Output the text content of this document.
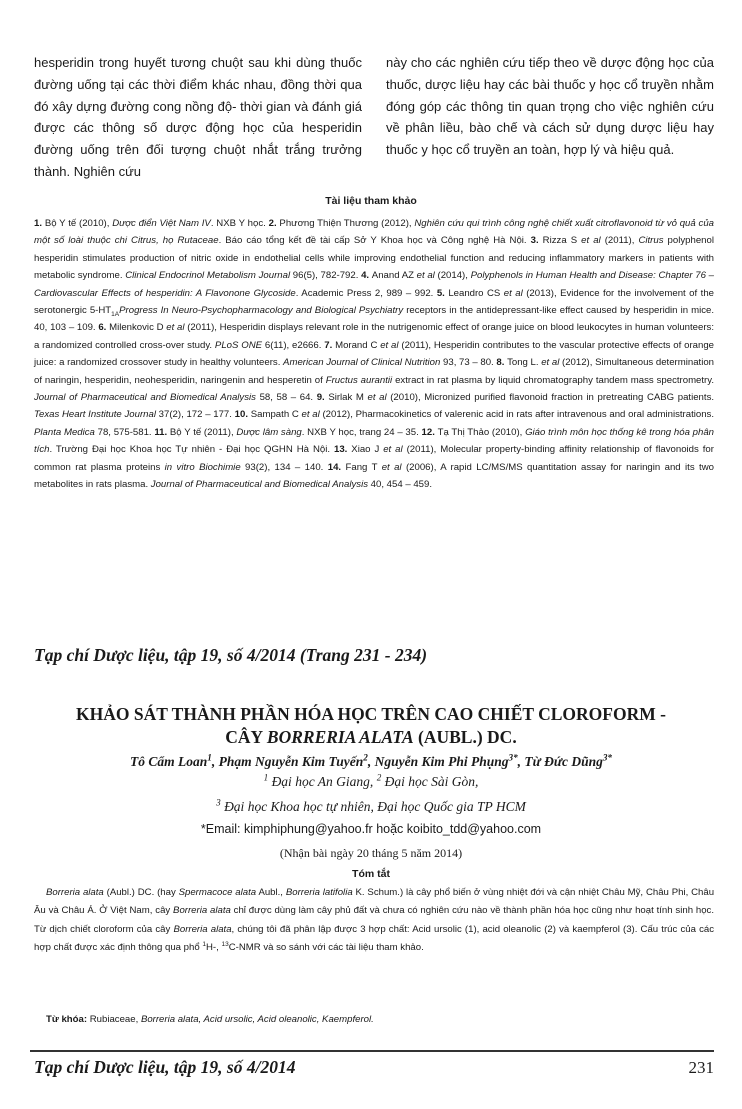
hesperidin trong huyết tương chuột sau khi dùng thuốc đường uống tại các thời điểm khác nhau, đồng thời qua đó xây dựng đường cong nồng độ- thời gian và đánh giá được các thông số dược động học của hesperidin đường uống trên đối tượng chuột nhắt trắng trưởng thành. Nghiên cứu

này cho các nghiên cứu tiếp theo về dược động học của thuốc, dược liệu hay các bài thuốc y học cổ truyền nhằm đóng góp các thông tin quan trọng cho việc nghiên cứu về phân liều, bào chế và cách sử dụng dược liệu hay thuốc y học cổ truyền an toàn, hợp lý và hiệu quả.

Tài liệu tham khảo
1. Bộ Y tế (2010), Dược điển Việt Nam IV. NXB Y học. 2. Phương Thiện Thương (2012), Nghiên cứu qui trình công nghệ chiết xuất citroflavonoid từ vỏ quả của một số loài thuộc chi Citrus, họ Rutaceae. Báo cáo tổng kết đề tài cấp Sở Y Khoa học và Công nghệ Hà Nội. 3. Rizza S et al (2011), Citrus polyphenol hesperidin stimulates production of nitric oxide in endothelial cells while improving endothelial function and reducing inflammatory markers in patients with metabolic syndrome. Clinical Endocrinol Metabolism Journal 96(5), 782-792. 4. Anand AZ et al (2014), Polyphenols in Human Health and Disease: Chapter 76 – Cardiovascular Effects of hesperidin: A Flavonone Glycoside. Academic Press 2, 989 – 992. 5. Leandro CS et al (2013), Evidence for the involvement of the serotonergic $5-HT_{1A}Progress$ In Neuro-Psychopharmacology and Biological Psychiatry receptors in the antidepressant-like effect caused by hesperidin in mice. 40, 103 – 109. 6. Milenkovic D et al (2011), Hesperidin displays relevant role in the nutrigenomic effect of orange juice on blood leukocytes in human volunteers: a randomized controlled cross-over study. PLoS ONE 6(11), e2666. 7. Morand C et al (2011), Hesperidin contributes to the vascular protective effects of orange juice: a randomized crossover study in healthy volunteers. American Journal of Clinical Nutrition 93, 73 – 80. 8. Tong L. et al (2012), Simultaneous determination of naringin, hesperidin, neohesperidin, naringenin and hesperetin of Fructus aurantii extract in rat plasma by liquid chromatography tandem mass spectrometry. Journal of Pharmaceutical and Biomedical Analysis 58, 58 – 64. 9. Sirlak M et al (2010), Micronized purified flavonoid fraction in pretreating CABG patients. Texas Heart Institute Journal 37(2), 172 – 177. 10. Sampath C et al (2012), Pharmacokinetics of valerenic acid in rats after intravenous and oral administrations. Planta Medica 78, 575-581. 11. Bộ Y tế (2011), Dược lâm sàng. NXB Y học, trang 24 – 35. 12. Tạ Thị Thảo (2010), Giáo trình môn học thống kê trong hóa phân tích. Trường Đại học Khoa học Tự nhiên - Đại học QGHN Hà Nội. 13. Xiao J et al (2011), Molecular property-binding affinity relationship of flavonoids for common rat plasma proteins in vitro Biochimie 93(2), 134 – 140. 14. Fang T et al (2006), A rapid LC/MS/MS quantitation assay for naringin and its two metabolites in rats plasma. Journal of Pharmaceutical and Biomedical Analysis 40, 454 – 459.
Tạp chí Dược liệu, tập 19, số 4/2014 (Trang 231 - 234)
KHẢO SÁT THÀNH PHẦN HÓA HỌC TRÊN CAO CHIẾT CLOROFORM -
CÂY BORRERIA ALATA (AUBL.) DC.
Tô Cẩm Loan$^1$, Phạm Nguyễn Kim Tuyến$^2$, Nguyễn Kim Phi Phụng$^{3*}$, Từ Đức Dũng$^{3*}$
$^1$ Đại học An Giang, $^2$ Đại học Sài Gòn,
$^3$ Đại học Khoa học tự nhiên, Đại học Quốc gia TP HCM
*Email: kimphiphung@yahoo.fr hoặc koibito_tdd@yahoo.com
(Nhận bài ngày 20 tháng 5 năm 2014)
Tóm tắt
Borreria alata (Aubl.) DC. (hay Spermacoce alata Aubl., Borreria latifolia K. Schum.) là cây phổ biến ở vùng nhiệt đới và cận nhiệt Châu Mỹ, Châu Phi, Châu Âu và Châu Á. Ở Việt Nam, cây Borreria alata chỉ được dùng làm cây phủ đất và chưa có nghiên cứu nào về thành phần hóa học cũng như hoạt tính sinh học. Từ dịch chiết cloroform của cây Borreria alata, chúng tôi đã phân lập được 3 hợp chất: Acid ursolic (1), acid oleanolic (2) và kaempferol (3). Cấu trúc của các hợp chất được xác định thông qua phổ $^1$H-, $^{13}$C-NMR và so sánh với các tài liệu tham khảo.
Từ khóa: Rubiaceae, Borreria alata, Acid ursolic, Acid oleanolic, Kaempferol.
Tạp chí Dược liệu, tập 19, số 4/2014	231
